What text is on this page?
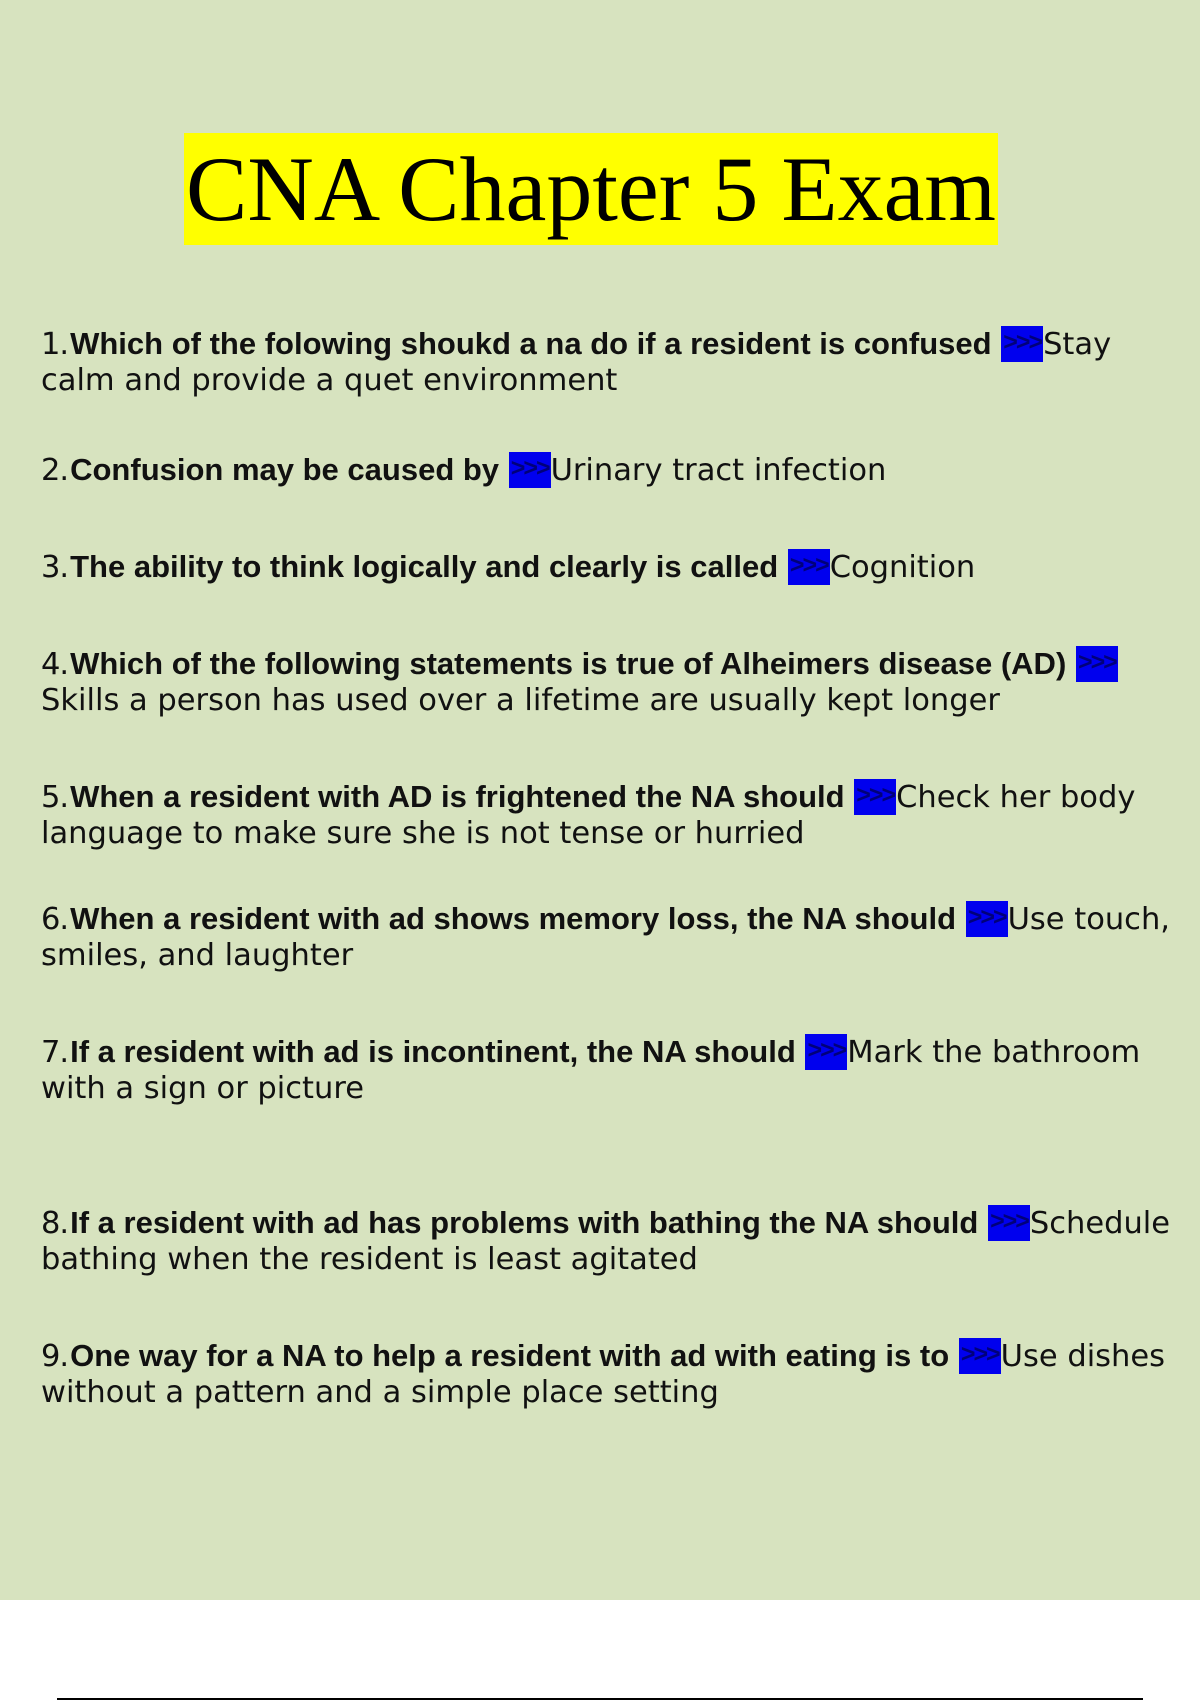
CNA Chapter 5 Exam
1.Which of the folowing shoukd a na do if a resident is confused >>>Stay calm and provide a quet environment
2.Confusion may be caused by >>>Urinary tract infection
3.The ability to think logically and clearly is called >>>Cognition
4.Which of the following statements is true of Alheimers disease (AD) >>>Skills a person has used over a lifetime are usually kept longer
5.When a resident with AD is frightened the NA should >>>Check her body language to make sure she is not tense or hurried
6.When a resident with ad shows memory loss, the NA should >>>Use touch, smiles, and laughter
7.If a resident with ad is incontinent, the NA should >>>Mark the bathroom with a sign or picture
8.If a resident with ad has problems with bathing the NA should >>>Schedule bathing when the resident is least agitated
9.One way for a NA to help a resident with ad with eating is to >>>Use dishes without a pattern and a simple place setting
